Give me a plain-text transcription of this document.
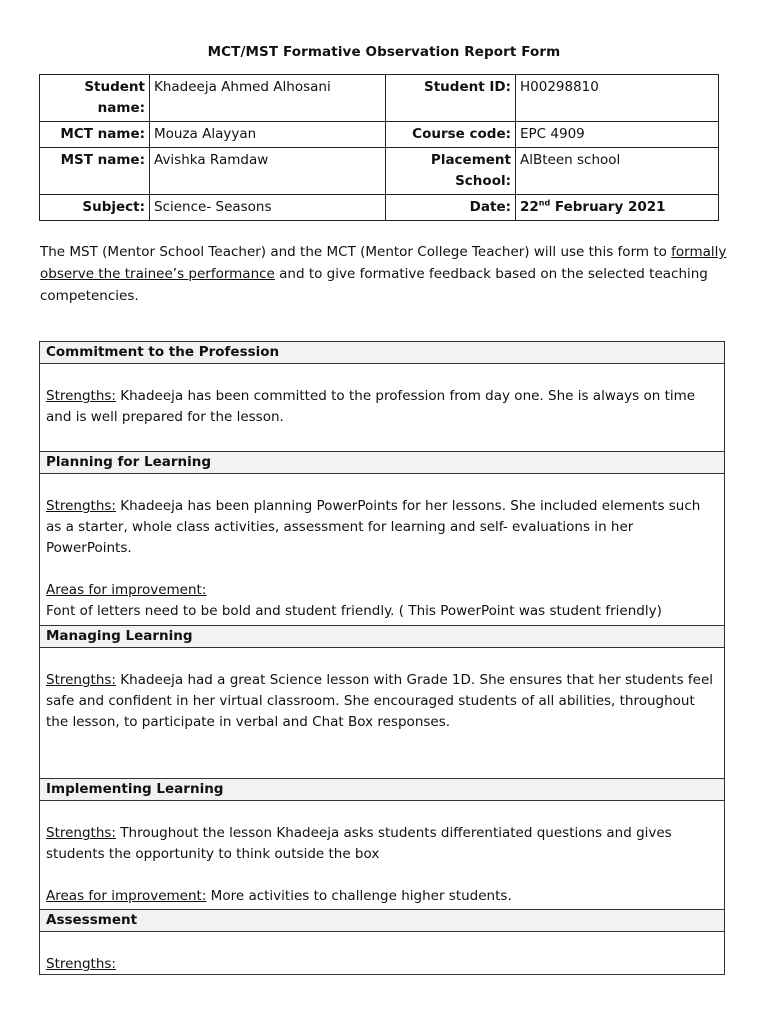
MCT/MST Formative Observation Report Form
Student name:	Khadeeja Ahmed Alhosani	Student ID:	H00298810
MCT name:	Mouza Alayyan	Course code:	EPC 4909
MST name:	Avishka Ramdaw	Placement School:	AlBteen school
Subject:	Science- Seasons	Date:	22nd February 2021
The MST (Mentor School Teacher) and the MCT (Mentor College Teacher) will use this form to formally observe the trainee’s performance and to give formative feedback based on the selected teaching competencies.
Commitment to the Profession

Strengths: Khadeeja has been committed to the profession from day one. She is always on time and is well prepared for the lesson.

Planning for Learning

Strengths: Khadeeja has been planning PowerPoints for her lessons. She included elements such as a starter, whole class activities, assessment for learning and self- evaluations in her PowerPoints.

Areas for improvement:

Font of letters need to be bold and student friendly. ( This PowerPoint was student friendly)

Managing Learning

Strengths: Khadeeja had a great Science lesson with Grade 1D. She ensures that her students feel safe and confident in her virtual classroom. She encouraged students of all abilities, throughout the lesson, to participate in verbal and Chat Box responses.

Implementing Learning

Strengths: Throughout the lesson Khadeeja asks students differentiated questions and gives students the opportunity to think outside the box

Areas for improvement: More activities to challenge higher students.

Assessment

Strengths:
